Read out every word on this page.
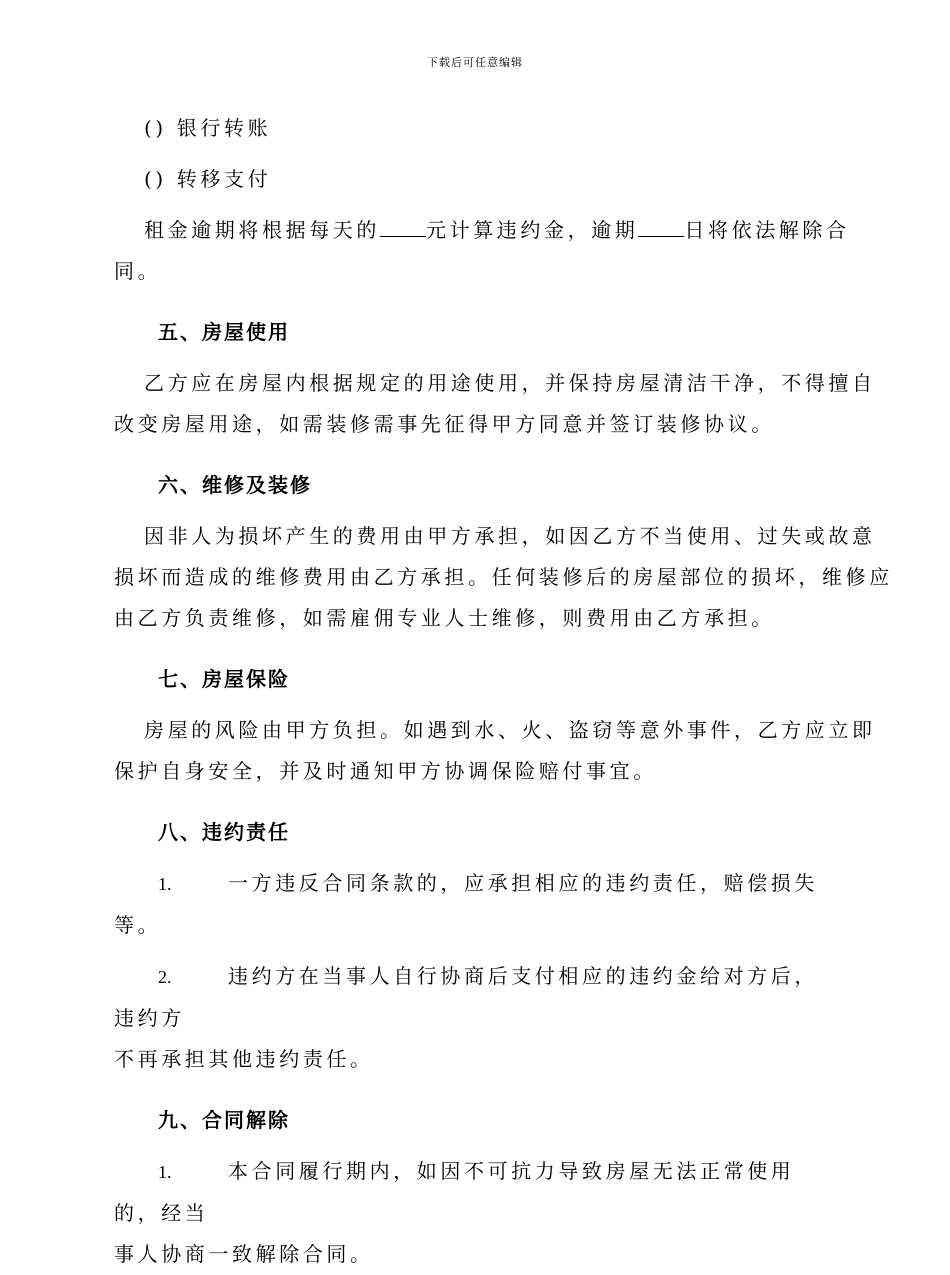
下载后可任意编辑

() 银行转账

() 转移支付

租金逾期将根据每天的 元计算违约金，逾期 日将依法解除合

同。

五、房屋使用

乙方应在房屋内根据规定的用途使用，并保持房屋清洁干净，不得擅自

改变房屋用途，如需装修需事先征得甲方同意并签订装修协议。

六、维修及装修

因非人为损坏产生的费用由甲方承担，如因乙方不当使用、过失或故意

损坏而造成的维修费用由乙方承担。任何装修后的房屋部位的损坏，维修应

由乙方负责维修，如需雇佣专业人士维修，则费用由乙方承担。

七、房屋保险

房屋的风险由甲方负担。如遇到水、火、盗窃等意外事件，乙方应立即

保护自身安全，并及时通知甲方协调保险赔付事宜。

八、违约责任

1.	一方违反合同条款的，应承担相应的违约责任，赔偿损失等。

2.	违约方在当事人自行协商后支付相应的违约金给对方后，违约方

不再承担其他违约责任。

九、合同解除

1.	本合同履行期内，如因不可抗力导致房屋无法正常使用的，经当

事人协商一致解除合同。
